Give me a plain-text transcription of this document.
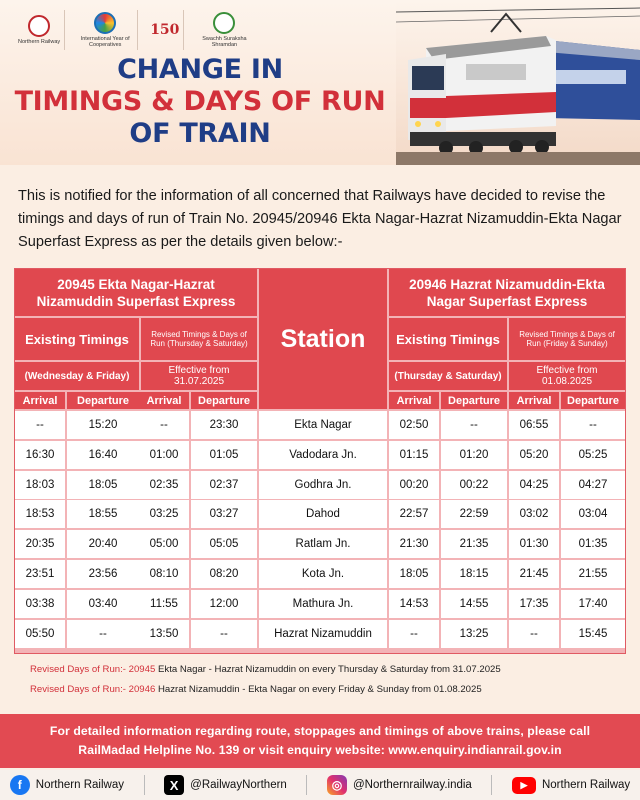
Northern Railway	International Year of Cooperatives
150
Swachh Suraksha Shramdan
CHANGE IN
TIMINGS & DAYS OF RUN
OF TRAIN
This is notified for the information of all concerned that Railways have decided to revise the timings and days of run of Train No. 20945/20946 Ekta Nagar-Hazrat Nizamuddin-Ekta Nagar Superfast Express as per the details given below:-
20945 Ekta Nagar-Hazrat Nizamuddin Superfast Express
Station
20946 Hazrat Nizamuddin-Ekta Nagar Superfast Express
Existing Timings	Revised Timings & Days of Run (Thursday & Saturday)
(Wednesday & Friday)	Effective from 31.07.2025
Existing Timings	Revised Timings & Days of Run (Friday & Sunday)
(Thursday & Saturday)	Effective from 01.08.2025
Arrival	Departure	Arrival	Departure	Arrival	Departure	Arrival	Departure
--	15:20	--	23:30	Ekta Nagar	02:50	--	06:55	--
16:30	16:40	01:00	01:05	Vadodara Jn.	01:15	01:20	05:20	05:25
18:03	18:05	02:35	02:37	Godhra Jn.	00:20	00:22	04:25	04:27
18:53	18:55	03:25	03:27	Dahod	22:57	22:59	03:02	03:04
20:35	20:40	05:00	05:05	Ratlam Jn.	21:30	21:35	01:30	01:35
23:51	23:56	08:10	08:20	Kota Jn.	18:05	18:15	21:45	21:55
03:38	03:40	11:55	12:00	Mathura Jn.	14:53	14:55	17:35	17:40
05:50	--	13:50	--	Hazrat Nizamuddin	--	13:25	--	15:45
Revised Days of Run:- 20945 Ekta Nagar - Hazrat Nizamuddin on every Thursday & Saturday from 31.07.2025
Revised Days of Run:- 20946 Hazrat Nizamuddin - Ekta Nagar on every Friday & Sunday from 01.08.2025
For detailed information regarding route, stoppages and timings of above trains, please call
RailMadad Helpline No. 139 or visit enquiry website: www.enquiry.indianrail.gov.in
f	Northern Railway	X	@RailwayNorthern	◎ @Northernrailway.india	▶	Northern Railway
